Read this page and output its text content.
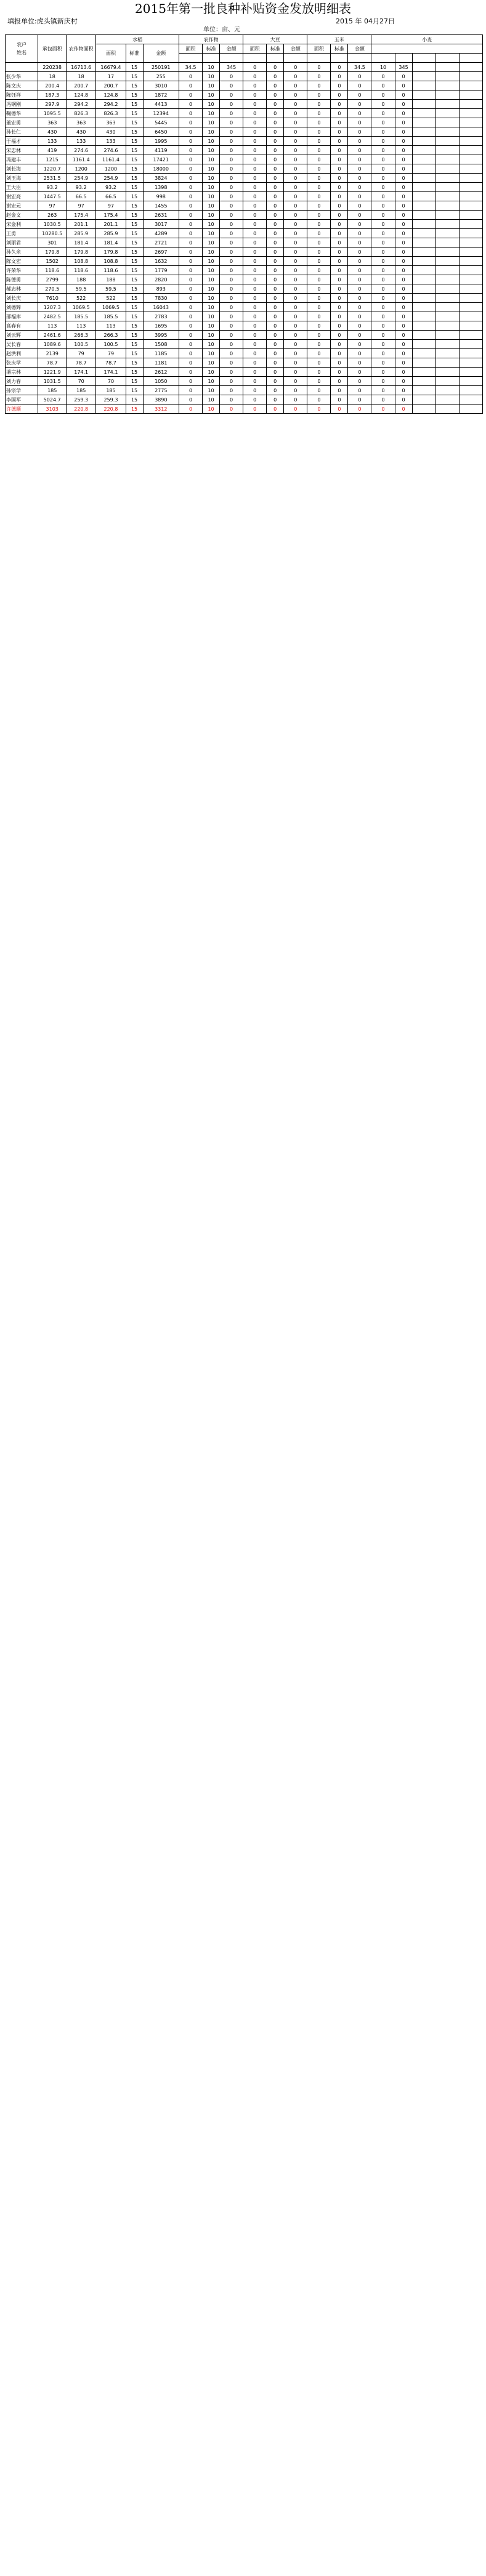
2015年第一批良种补贴资金发放明细表
填报单位:虎头镇新庆村	2015 年 04月27日
单位：亩、元
农户
姓名	承包面积	农作物面积	水稻			农作物			大豆			玉米			小麦				
			面积	标准	金额	面积	标准	金额	面积	标准	金额	面积	标准	金额					

	220238	16713.6	16679.4	15	250191	34.5	10	345	0	0	0	0	0	34.5	10	345			
张少华	18	18	17	15	255	0	10	0	0	0	0	0	0	0	0	0			
陈文庆	200.4	200.7	200.7	15	3010	0	10	0	0	0	0	0	0	0	0	0			
陈钰祥	187.3	124.8	124.8	15	1872	0	10	0	0	0	0	0	0	0	0	0			
冯钢刚	297.9	294.2	294.2	15	4413	0	10	0	0	0	0	0	0	0	0	0			
鞠德华	1095.5	826.3	826.3	15	12394	0	10	0	0	0	0	0	0	0	0	0			
董宏勇	363	363	363	15	5445	0	10	0	0	0	0	0	0	0	0	0			
孙长仁	430	430	430	15	6450	0	10	0	0	0	0	0	0	0	0	0			
于福才	133	133	133	15	1995	0	10	0	0	0	0	0	0	0	0	0			
宋忠林	419	274.6	274.6	15	4119	0	10	0	0	0	0	0	0	0	0	0			
冯建丰	1215	1161.4	1161.4	15	17421	0	10	0	0	0	0	0	0	0	0	0			
刘长海	1220.7	1200	1200	15	18000	0	10	0	0	0	0	0	0	0	0	0			
刘玉海	2531.5	254.9	254.9	15	3824	0	10	0	0	0	0	0	0	0	0	0			
王大臣	93.2	93.2	93.2	15	1398	0	10	0	0	0	0	0	0	0	0	0			
谢宏亮	1447.5	66.5	66.5	15	998	0	10	0	0	0	0	0	0	0	0	0			
谢宏元	97	97	97	15	1455	0	10	0	0	0	0	0	0	0	0	0			
赵金文	263	175.4	175.4	15	2631	0	10	0	0	0	0	0	0	0	0	0			
宋金利	1030.5	201.1	201.1	15	3017	0	10	0	0	0	0	0	0	0	0	0			
王勇	10280.5	285.9	285.9	15	4289	0	10	0	0	0	0	0	0	0	0	0			
刘丽君	301	181.4	181.4	15	2721	0	10	0	0	0	0	0	0	0	0	0			
孙久余	179.8	179.8	179.8	15	2697	0	10	0	0	0	0	0	0	0	0	0			
陈文宏	1502	108.8	108.8	15	1632	0	10	0	0	0	0	0	0	0	0	0			
许荣华	118.6	118.6	118.6	15	1779	0	10	0	0	0	0	0	0	0	0	0			
陈德勇	2799	188	188	15	2820	0	10	0	0	0	0	0	0	0	0	0			
郝志林	270.5	59.5	59.5	15	893	0	10	0	0	0	0	0	0	0	0	0			
刘长庆	7610	522	522	15	7830	0	10	0	0	0	0	0	0	0	0	0			
刘德辉	1207.3	1069.5	1069.5	15	16043	0	10	0	0	0	0	0	0	0	0	0			
邵福库	2482.5	185.5	185.5	15	2783	0	10	0	0	0	0	0	0	0	0	0			
高春有	113	113	113	15	1695	0	10	0	0	0	0	0	0	0	0	0			
刘云辉	2461.6	266.3	266.3	15	3995	0	10	0	0	0	0	0	0	0	0	0			
吴长春	1089.6	100.5	100.5	15	1508	0	10	0	0	0	0	0	0	0	0	0			
赵洪利	2139	79	79	15	1185	0	10	0	0	0	0	0	0	0	0	0			
张庆学	78.7	78.7	78.7	15	1181	0	10	0	0	0	0	0	0	0	0	0			
潘宗林	1221.9	174.1	174.1	15	2612	0	10	0	0	0	0	0	0	0	0	0			
刘力春	1031.5	70	70	15	1050	0	10	0	0	0	0	0	0	0	0	0			
孙宗学	185	185	185	15	2775	0	10	0	0	0	0	0	0	0	0	0			
李国军	5024.7	259.3	259.3	15	3890	0	10	0	0	0	0	0	0	0	0	0			
许德顺	3103	220.8	220.8	15	3312	0	10	0	0	0	0	0	0	0	0	0			
